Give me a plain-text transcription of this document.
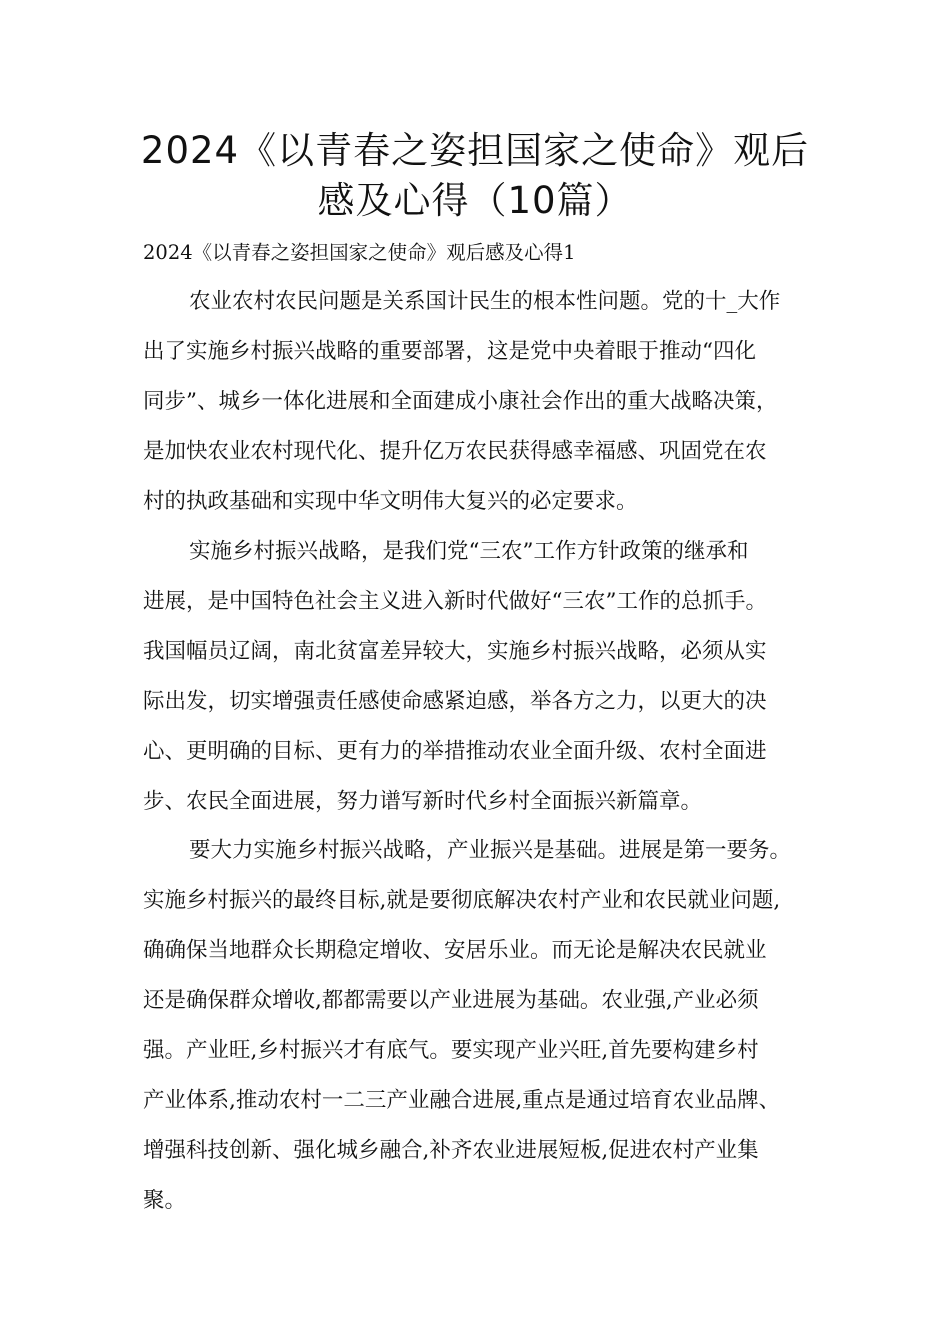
2024《以青春之姿担国家之使命》观后
感及心得（10篇）
2024《以青春之姿担国家之使命》观后感及心得1
农业农村农民问题是关系国计民生的根本性问题。党的十_大作
出了实施乡村振兴战略的重要部署，这是党中央着眼于推动“四化
同步”、城乡一体化进展和全面建成小康社会作出的重大战略决策，
是加快农业农村现代化、提升亿万农民获得感幸福感、巩固党在农
村的执政基础和实现中华文明伟大复兴的必定要求。
实施乡村振兴战略，是我们党“三农”工作方针政策的继承和
进展，是中国特色社会主义进入新时代做好“三农”工作的总抓手。
我国幅员辽阔，南北贫富差异较大，实施乡村振兴战略，必须从实
际出发，切实增强责任感使命感紧迫感，举各方之力，以更大的决
心、更明确的目标、更有力的举措推动农业全面升级、农村全面进
步、农民全面进展，努力谱写新时代乡村全面振兴新篇章。
要大力实施乡村振兴战略，产业振兴是基础。进展是第一要务。
实施乡村振兴的最终目标,就是要彻底解决农村产业和农民就业问题,
确确保当地群众长期稳定增收、安居乐业。而无论是解决农民就业
还是确保群众增收,都都需要以产业进展为基础。农业强,产业必须
强。产业旺,乡村振兴才有底气。要实现产业兴旺,首先要构建乡村
产业体系,推动农村一二三产业融合进展,重点是通过培育农业品牌、
增强科技创新、强化城乡融合,补齐农业进展短板,促进农村产业集
聚。
